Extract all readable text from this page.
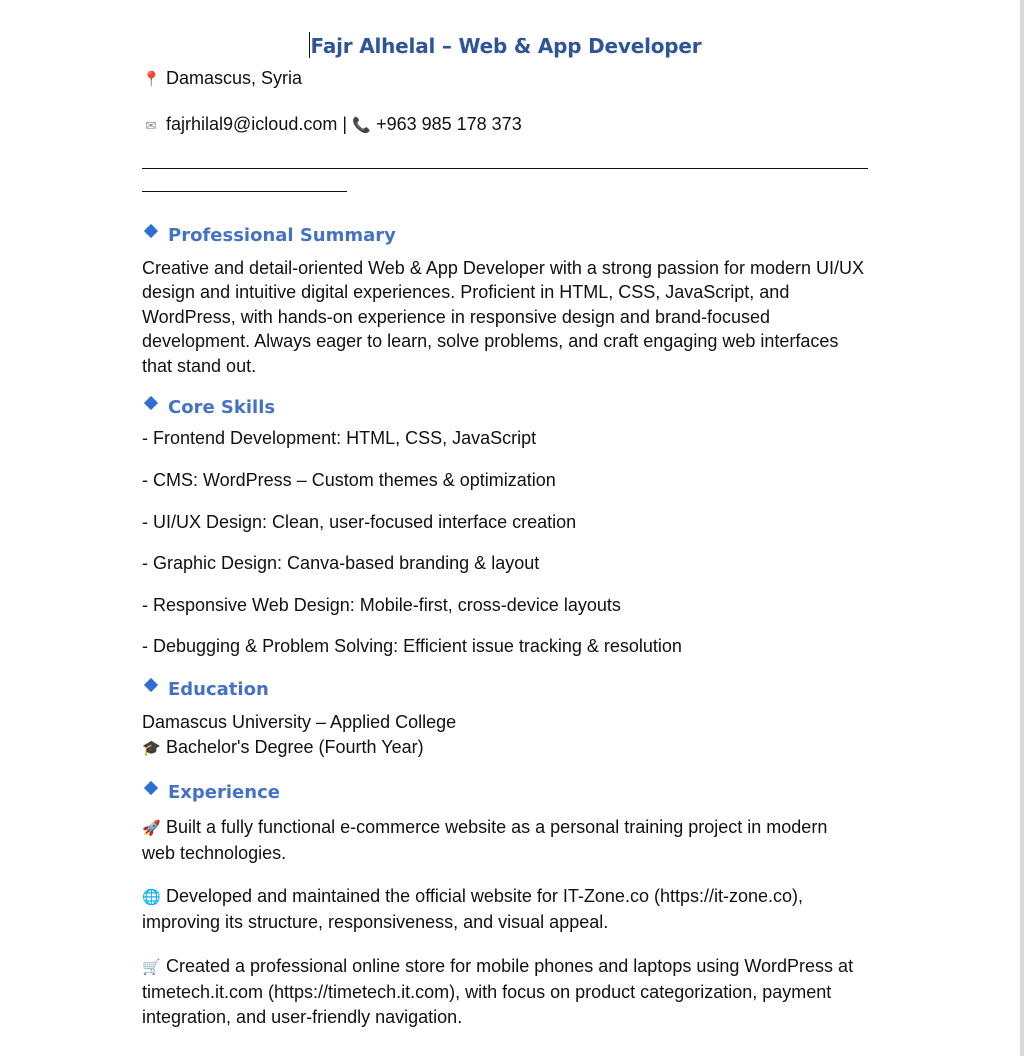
Fajr Alhelal – Web & App Developer
📍 Damascus, Syria
✉ fajrhilal9@icloud.com | 📞 +963 985 178 373
Professional Summary
Creative and detail-oriented Web & App Developer with a strong passion for modern UI/UX design and intuitive digital experiences. Proficient in HTML, CSS, JavaScript, and WordPress, with hands-on experience in responsive design and brand-focused development. Always eager to learn, solve problems, and craft engaging web interfaces that stand out.
Core Skills
- Frontend Development: HTML, CSS, JavaScript
- CMS: WordPress – Custom themes & optimization
- UI/UX Design: Clean, user-focused interface creation
- Graphic Design: Canva-based branding & layout
- Responsive Web Design: Mobile-first, cross-device layouts
- Debugging & Problem Solving: Efficient issue tracking & resolution
Education
Damascus University – Applied College
🎓 Bachelor's Degree (Fourth Year)
Experience
🚀 Built a fully functional e-commerce website as a personal training project in modern web technologies.
🌐 Developed and maintained the official website for IT-Zone.co (https://it-zone.co), improving its structure, responsiveness, and visual appeal.
🛒 Created a professional online store for mobile phones and laptops using WordPress at timetech.it.com (https://timetech.it.com), with focus on product categorization, payment integration, and user-friendly navigation.
